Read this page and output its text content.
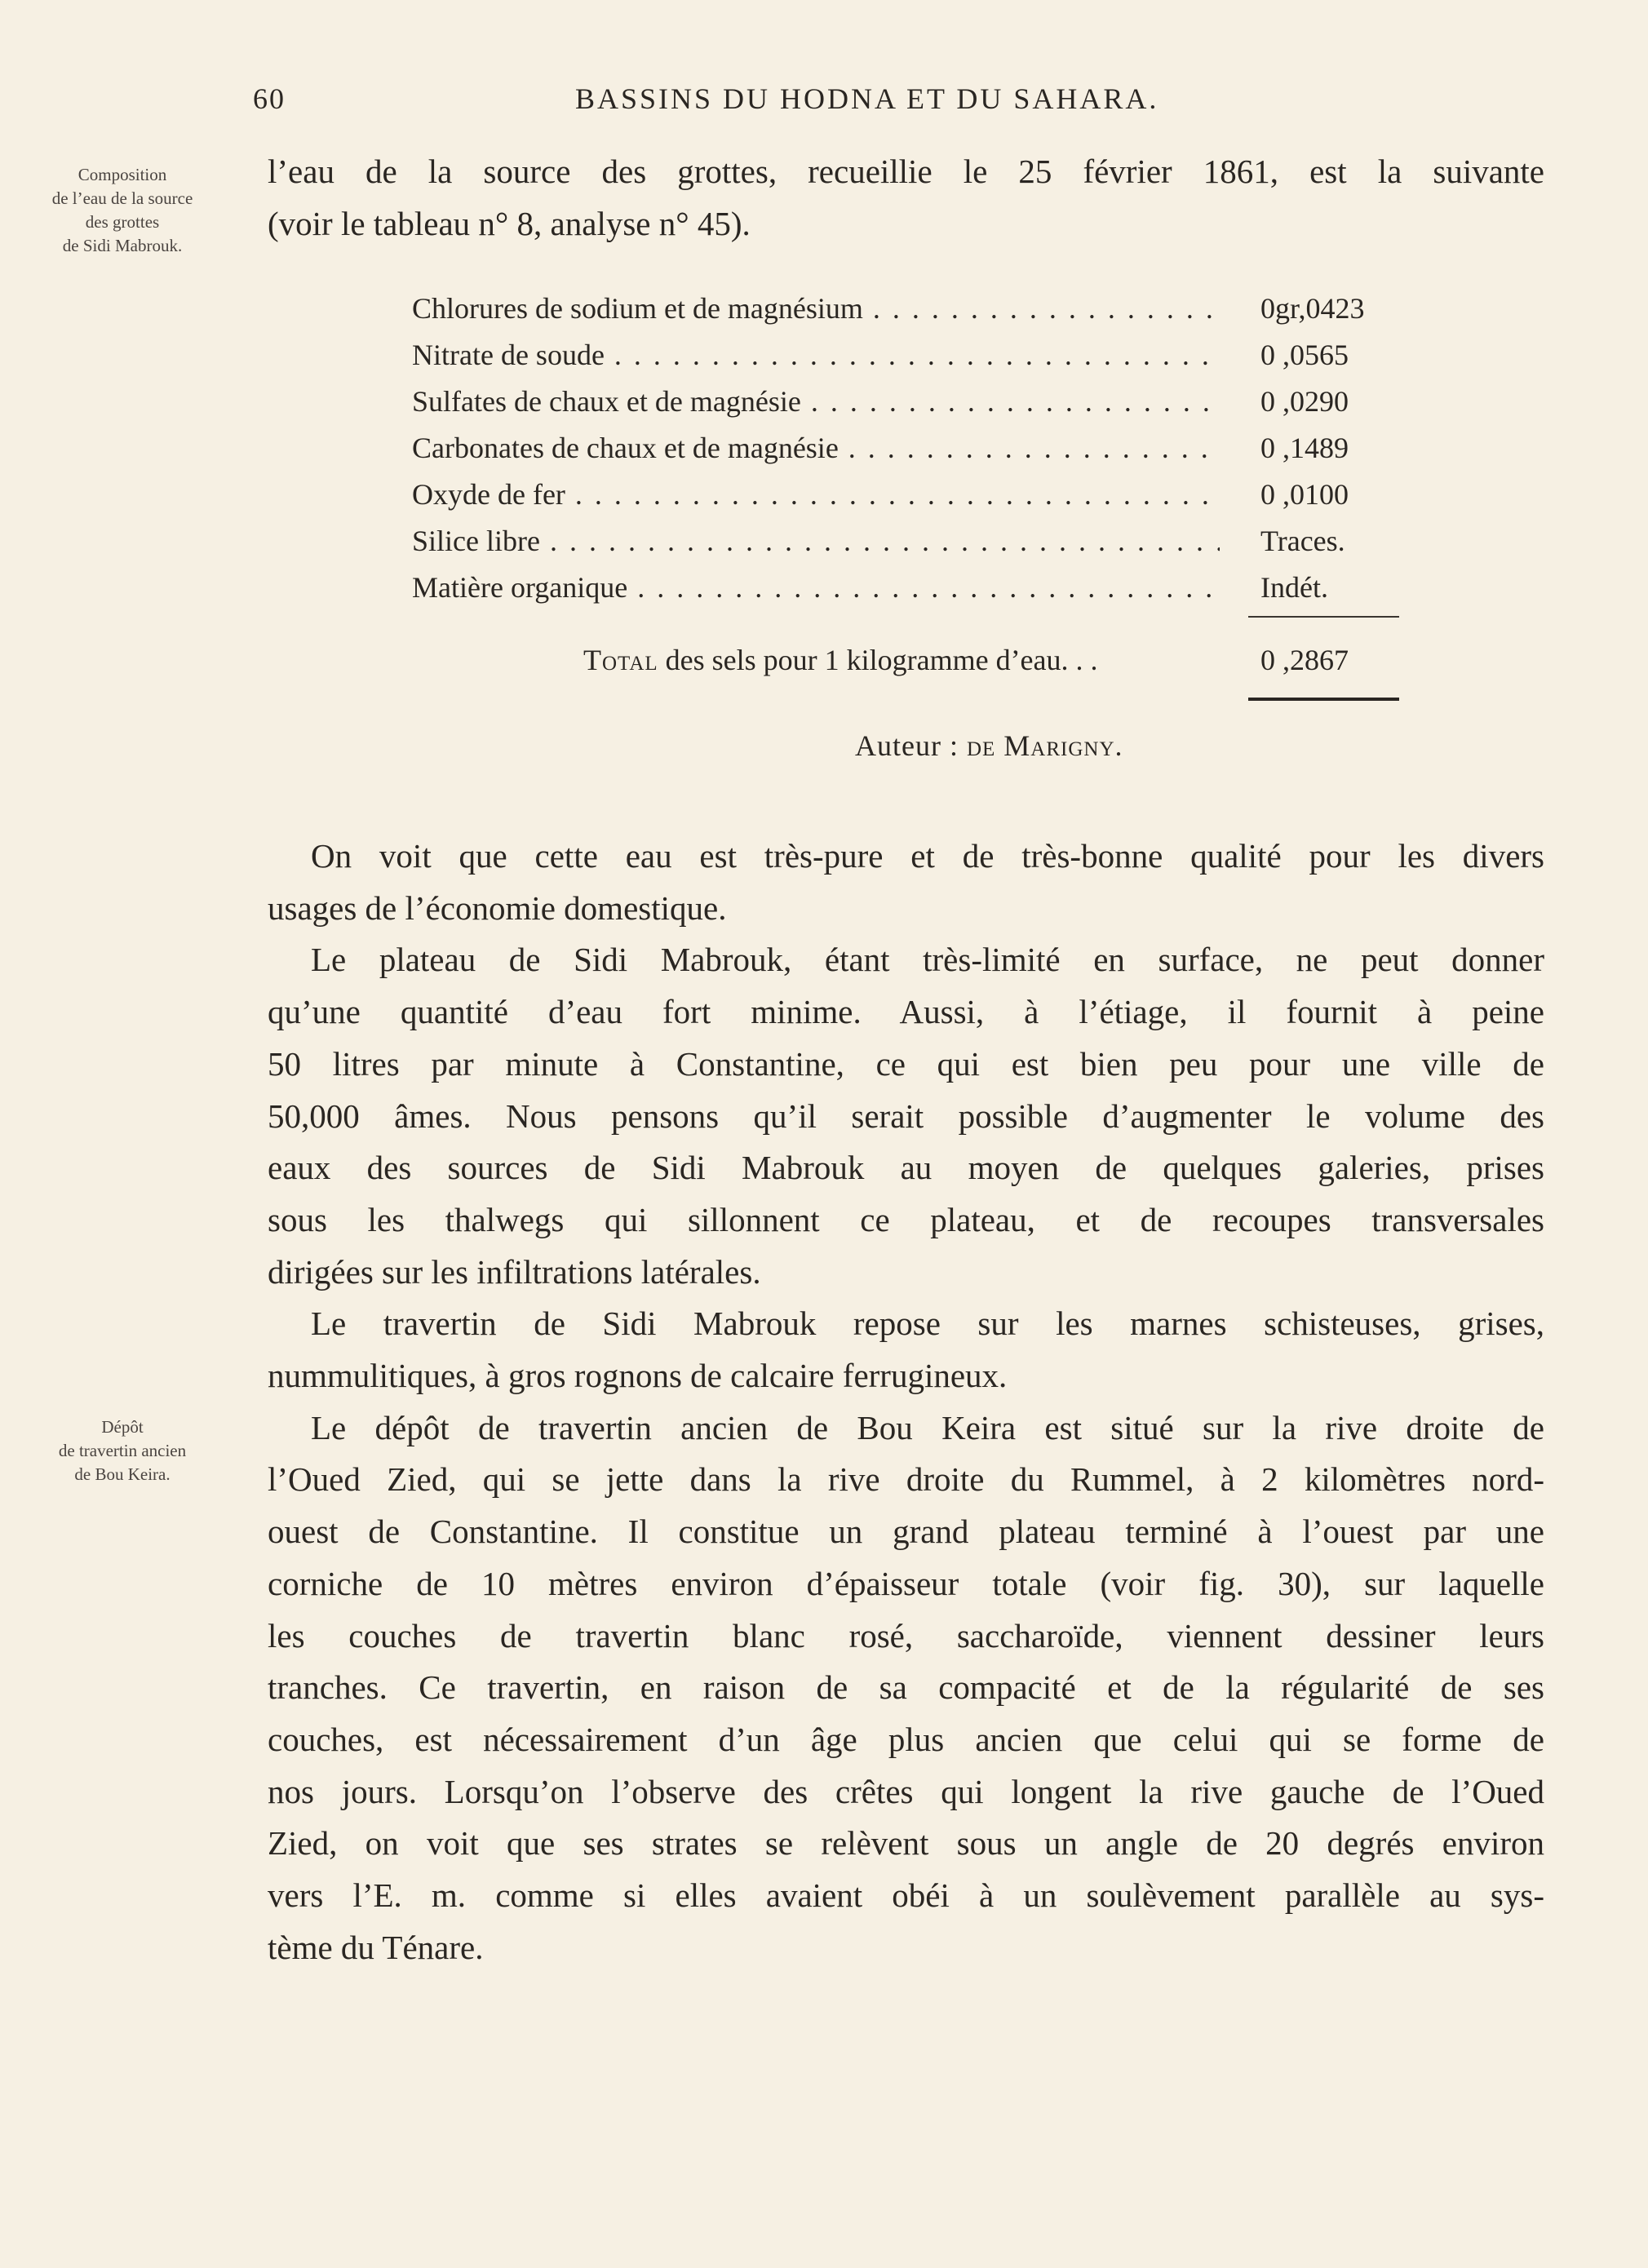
60	BASSINS DU HODNA ET DU SAHARA.
Composition
de l’eau de la source
des grottes
de Sidi Mabrouk.
Dépôt
de travertin ancien
de Bou Keira.
l’eau de la source des grottes, recueillie le 25 février 1861, est la suivante
(voir le tableau n° 8, analyse n° 45).
Chlorures de sodium et de magnésium . . .	0gr,0423
Nitrate de soude . . .	0 ,0565
Sulfates de chaux et de magnésie . . .	0 ,0290
Carbonates de chaux et de magnésie . . .	0 ,1489
Oxyde de fer . . .	0 ,0100
Silice libre . . .	Traces.
Matière organique . . .	Indét.
Total des sels pour 1 kilogramme d’eau. . .	0 ,2867
Auteur : de Marigny.
On voit que cette eau est très-pure et de très-bonne qualité pour les divers
usages de l’économie domestique.
Le plateau de Sidi Mabrouk, étant très-limité en surface, ne peut donner
qu’une quantité d’eau fort minime. Aussi, à l’étiage, il fournit à peine
50 litres par minute à Constantine, ce qui est bien peu pour une ville de
50,000 âmes. Nous pensons qu’il serait possible d’augmenter le volume des
eaux des sources de Sidi Mabrouk au moyen de quelques galeries, prises
sous les thalwegs qui sillonnent ce plateau, et de recoupes transversales
dirigées sur les infiltrations latérales.
Le travertin de Sidi Mabrouk repose sur les marnes schisteuses, grises,
nummulitiques, à gros rognons de calcaire ferrugineux.
Le dépôt de travertin ancien de Bou Keira est situé sur la rive droite de
l’Oued Zied, qui se jette dans la rive droite du Rummel, à 2 kilomètres nord-
ouest de Constantine. Il constitue un grand plateau terminé à l’ouest par une
corniche de 10 mètres environ d’épaisseur totale (voir fig. 30), sur laquelle
les couches de travertin blanc rosé, saccharoïde, viennent dessiner leurs
tranches. Ce travertin, en raison de sa compacité et de la régularité de ses
couches, est nécessairement d’un âge plus ancien que celui qui se forme de
nos jours. Lorsqu’on l’observe des crêtes qui longent la rive gauche de l’Oued
Zied, on voit que ses strates se relèvent sous un angle de 20 degrés environ
vers l’E. m. comme si elles avaient obéi à un soulèvement parallèle au sys-
tème du Ténare.
